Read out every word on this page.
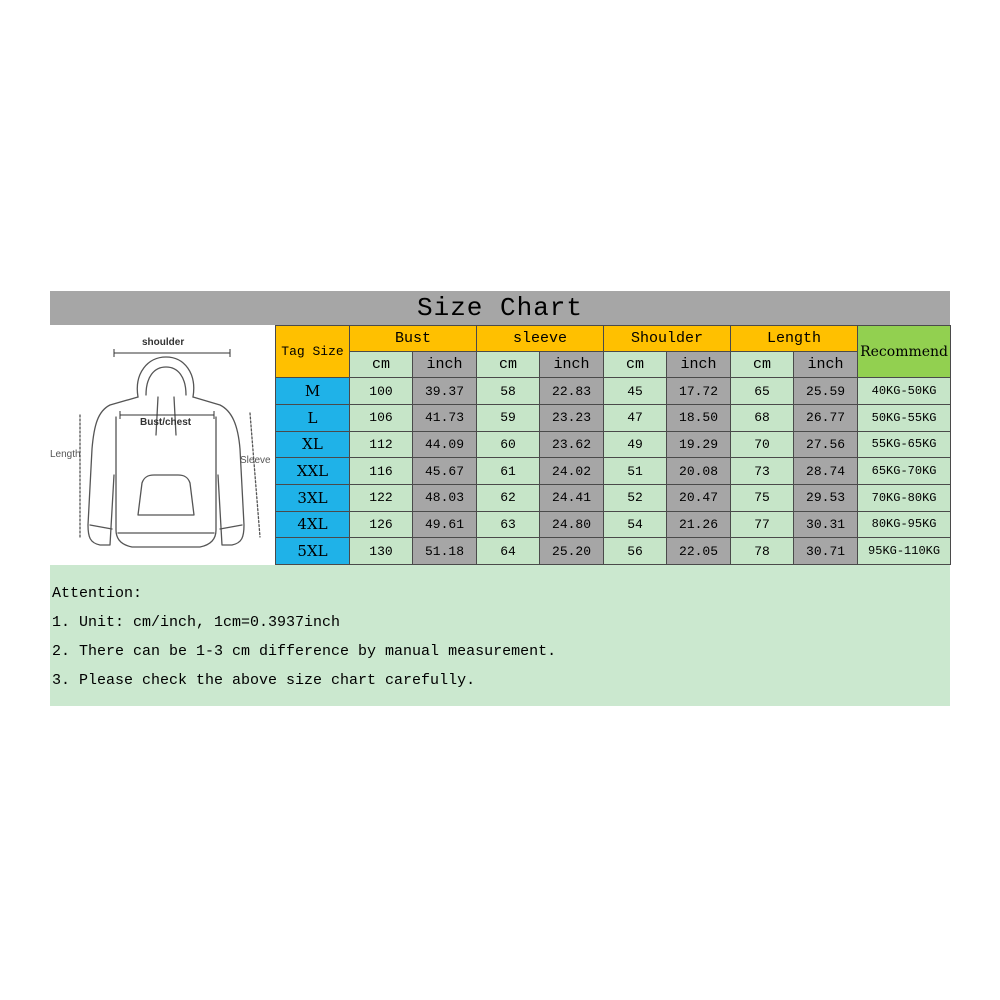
Size Chart
shoulder
Bust/chest
Length
Sleeve
Tag Size	Bust		sleeve		Shoulder		Length		Recommend
	cm	inch	cm	inch	cm	inch	cm	inch	
M	100	39.37	58	22.83	45	17.72	65	25.59	40KG-50KG
L	106	41.73	59	23.23	47	18.50	68	26.77	50KG-55KG
XL	112	44.09	60	23.62	49	19.29	70	27.56	55KG-65KG
XXL	116	45.67	61	24.02	51	20.08	73	28.74	65KG-70KG
3XL	122	48.03	62	24.41	52	20.47	75	29.53	70KG-80KG
4XL	126	49.61	63	24.80	54	21.26	77	30.31	80KG-95KG
5XL	130	51.18	64	25.20	56	22.05	78	30.71	95KG-110KG
Attention:
1. Unit: cm/inch, 1cm=0.3937inch
2. There can be 1-3 cm difference by manual measurement.
3. Please check the above size chart carefully.
